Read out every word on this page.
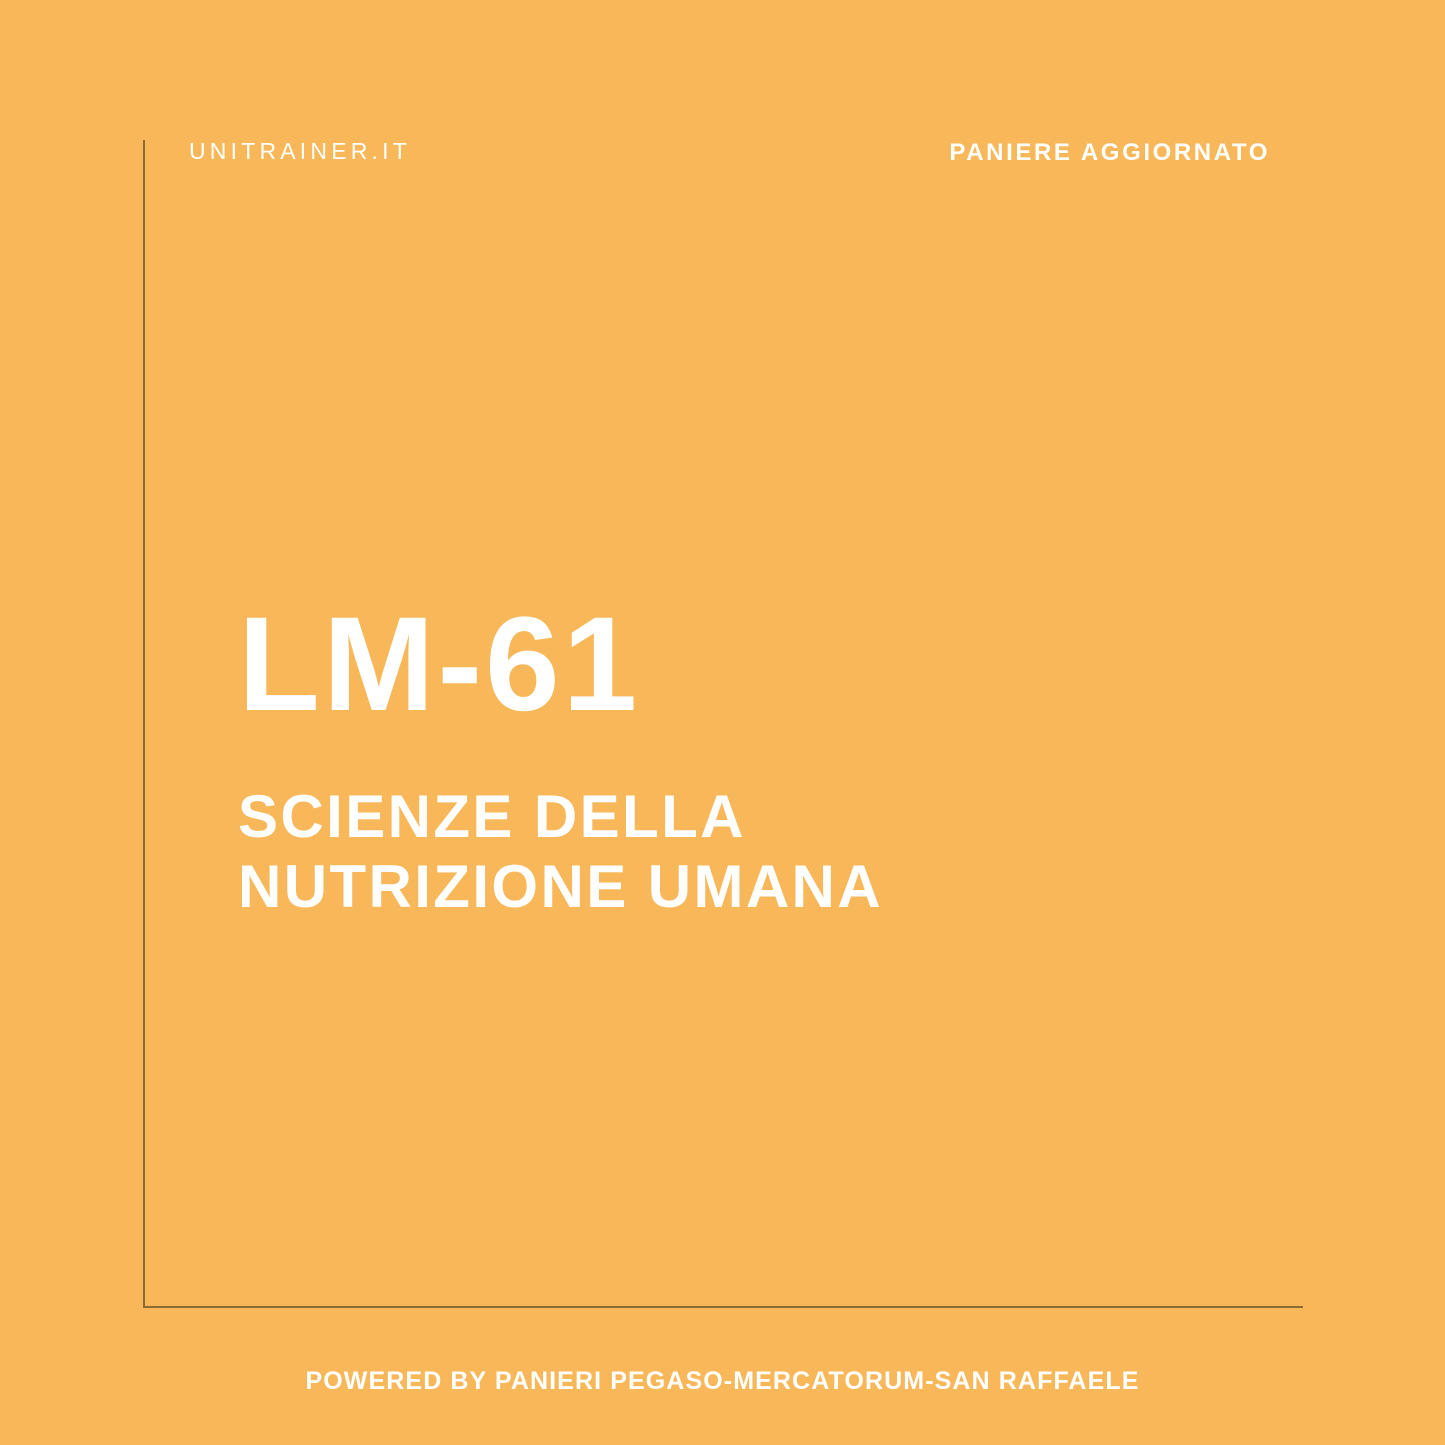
UNITRAINER.IT	PANIERE AGGIORNATO
LM-61
SCIENZE DELLA NUTRIZIONE UMANA
POWERED BY PANIERI PEGASO-MERCATORUM-SAN RAFFAELE
